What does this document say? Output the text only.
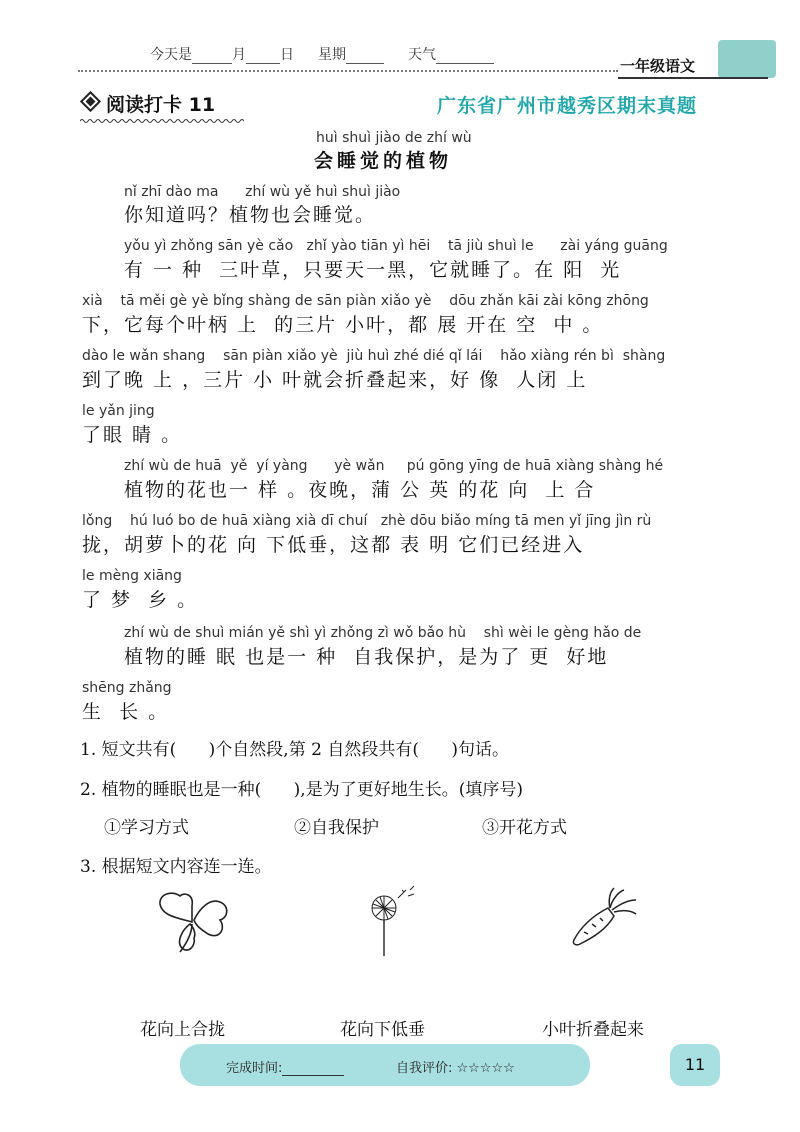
今天是	月 日 星期	天气
一年级语文
阅读打卡 11	广东省广州市越秀区期末真题
huì shuì jiào de zhí wù
会睡觉的植物
nǐ zhī dào ma      zhí wù yě huì shuì jiào
你知道吗？植物也会睡觉。
yǒu yì zhǒng sān yè cǎo   zhǐ yào tiān yì hēi    tā jiù shuì le      zài yáng guāng
有 一 种  三叶草，只要天一黑，它就睡了。在 阳  光
xià    tā měi gè yè bǐng shàng de sān piàn xiǎo yè    dōu zhǎn kāi zài kōng zhōng
下，它每个叶柄 上  的三片 小叶，都 展 开在 空  中 。
dào le wǎn shang    sān piàn xiǎo yè  jiù huì zhé dié qǐ lái    hǎo xiàng rén bì  shàng
到了晚 上 ，三片 小 叶就会折叠起来，好 像  人闭 上
le yǎn jing
了眼 睛 。
zhí wù de huā  yě  yí yàng      yè wǎn     pú gōng yīng de huā xiàng shàng hé
植物的花也一 样 。夜晚，蒲 公 英 的花 向  上 合
lǒng    hú luó bo de huā xiàng xià dī chuí   zhè dōu biǎo míng tā men yǐ jīng jìn rù
拢，胡萝卜的花 向 下低垂，这都 表 明 它们已经进入
le mèng xiāng
了 梦  乡 。
zhí wù de shuì mián yě shì yì zhǒng zì wǒ bǎo hù    shì wèi le gèng hǎo de
植物的睡 眠 也是一 种  自我保护，是为了 更  好地
shēng zhǎng
生  长 。
1. 短文共有(      )个自然段,第 2 自然段共有(      )句话。
2. 植物的睡眠也是一种(      ),是为了更好地生长。(填序号)
①学习方式	②自我保护	③开花方式
3. 根据短文内容连一连。
花向上合拢	花向下低垂	小叶折叠起来
完成时间:	自我评价: ☆☆☆☆☆	11
